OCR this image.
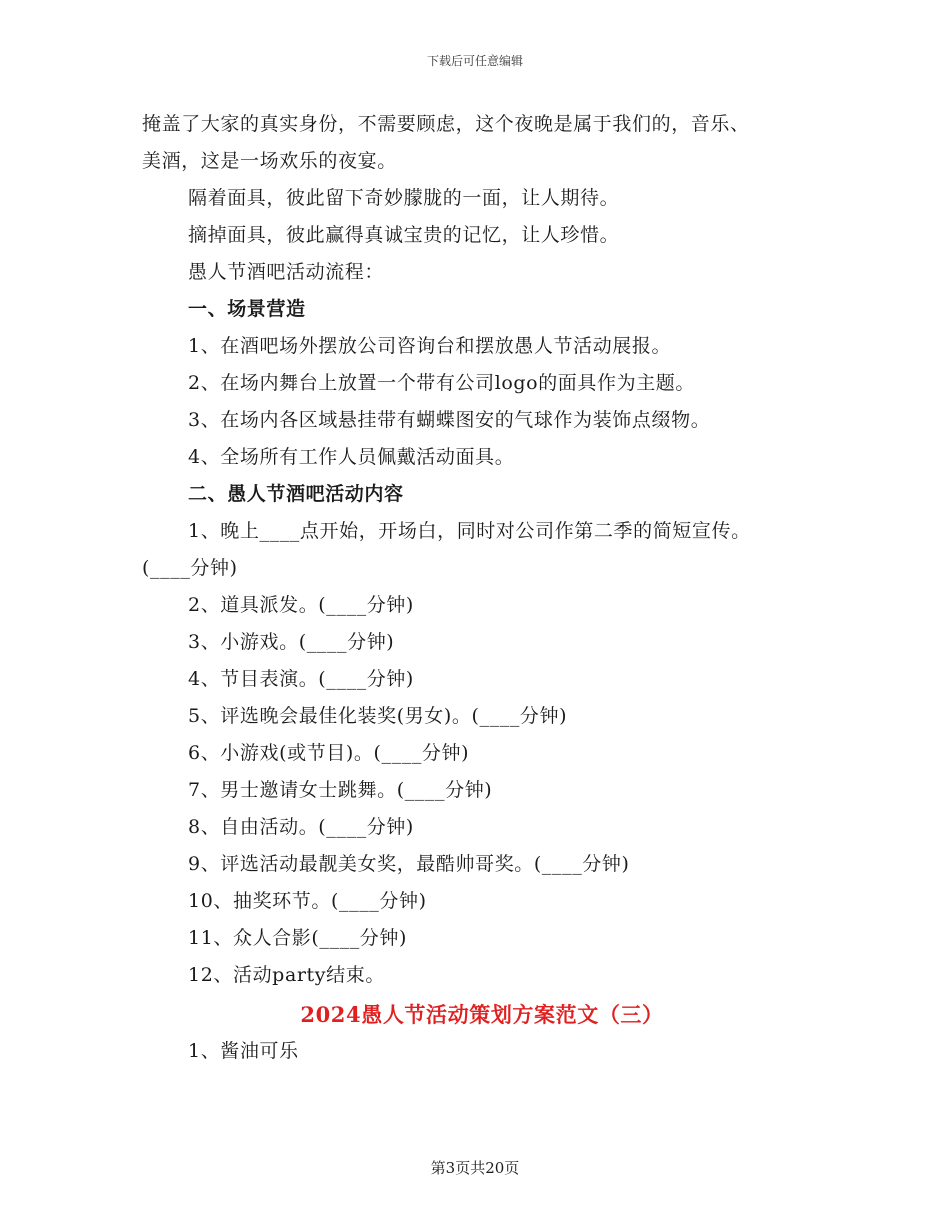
下载后可任意编辑

掩盖了大家的真实身份，不需要顾虑，这个夜晚是属于我们的，音乐、

美酒，这是一场欢乐的夜宴。

隔着面具，彼此留下奇妙朦胧的一面，让人期待。

摘掉面具，彼此赢得真诚宝贵的记忆，让人珍惜。

愚人节酒吧活动流程：

一、场景营造

1、在酒吧场外摆放公司咨询台和摆放愚人节活动展报。

2、在场内舞台上放置一个带有公司logo的面具作为主题。

3、在场内各区域悬挂带有蝴蝶图安的气球作为装饰点缀物。

4、全场所有工作人员佩戴活动面具。

二、愚人节酒吧活动内容

1、晚上____点开始，开场白，同时对公司作第二季的简短宣传。

(____分钟)

2、道具派发。(____分钟)

3、小游戏。(____分钟)

4、节目表演。(____分钟)

5、评选晚会最佳化装奖(男女)。(____分钟)

6、小游戏(或节目)。(____分钟)

7、男士邀请女士跳舞。(____分钟)

8、自由活动。(____分钟)

9、评选活动最靓美女奖，最酷帅哥奖。(____分钟)

10、抽奖环节。(____分钟)

11、众人合影(____分钟)

12、活动party结束。

2024愚人节活动策划方案范文（三）

1、酱油可乐

第3页共20页
